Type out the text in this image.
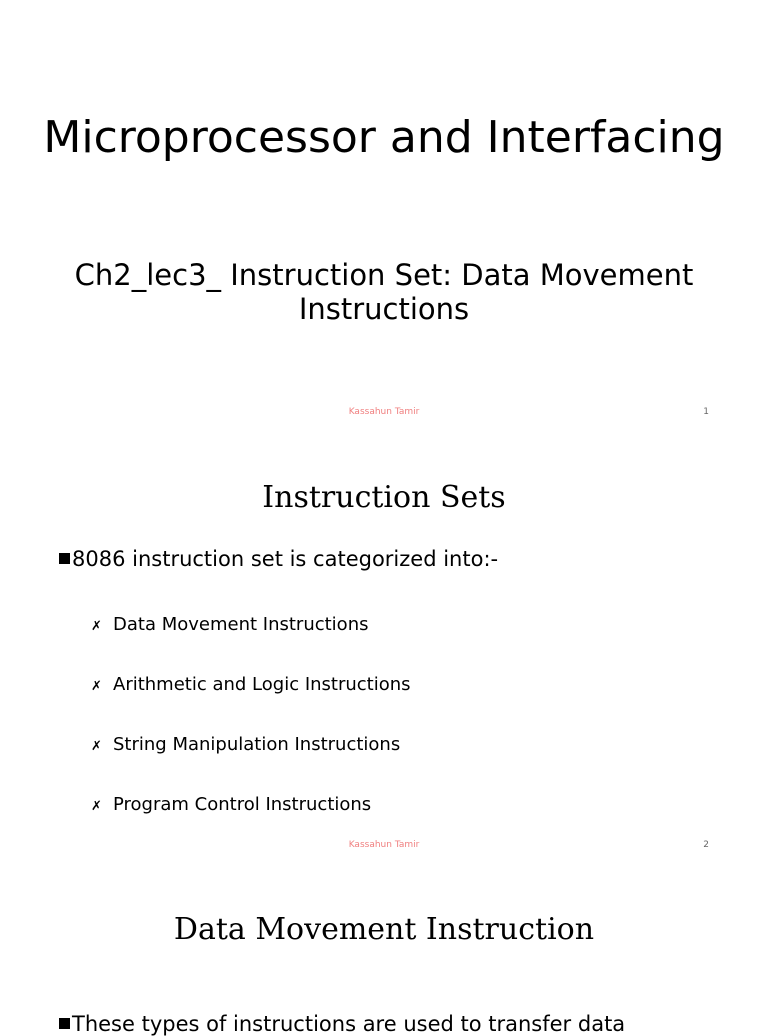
Microprocessor and Interfacing
Ch2_lec3_ Instruction Set: Data Movement Instructions
Kassahun Tamir	1
Instruction Sets
8086 instruction set is categorized into:-
✗ Data Movement Instructions
✗ Arithmetic and Logic Instructions
✗ String Manipulation Instructions
✗ Program Control Instructions
Kassahun Tamir	2
Data Movement Instruction
These types of instructions are used to transfer data
